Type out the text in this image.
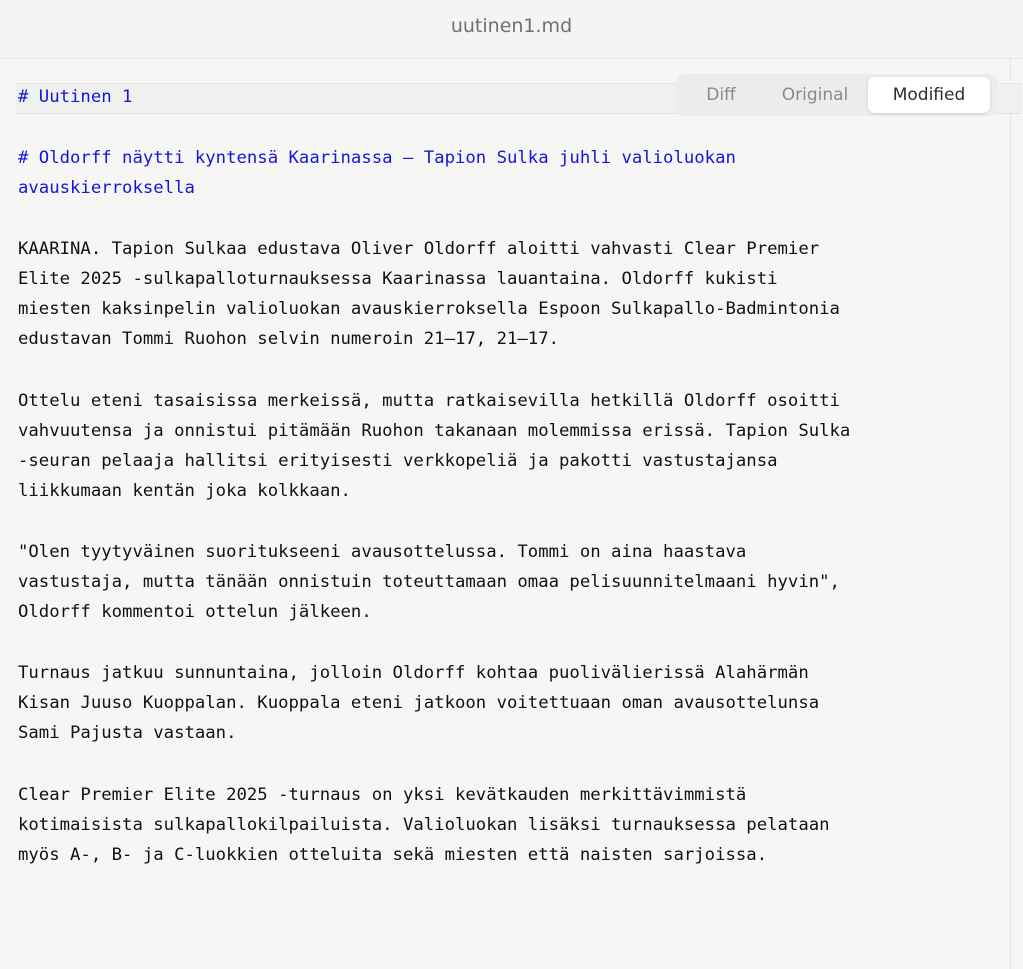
uutinen1.md
# Uutinen 1	Diff	Original	Modified
# Oldorff näytti kyntensä Kaarinassa – Tapion Sulka juhli valioluokan
avauskierroksella
KAARINA. Tapion Sulkaa edustava Oliver Oldorff aloitti vahvasti Clear Premier
Elite 2025 -sulkapalloturnauksessa Kaarinassa lauantaina. Oldorff kukisti
miesten kaksinpelin valioluokan avauskierroksella Espoon Sulkapallo-Badmintonia
edustavan Tommi Ruohon selvin numeroin 21–17, 21–17.
Ottelu eteni tasaisissa merkeissä, mutta ratkaisevilla hetkillä Oldorff osoitti
vahvuutensa ja onnistui pitämään Ruohon takanaan molemmissa erissä. Tapion Sulka
-seuran pelaaja hallitsi erityisesti verkkopeliä ja pakotti vastustajansa
liikkumaan kentän joka kolkkaan.
"Olen tyytyväinen suoritukseeni avausottelussa. Tommi on aina haastava
vastustaja, mutta tänään onnistuin toteuttamaan omaa pelisuunnitelmaani hyvin",
Oldorff kommentoi ottelun jälkeen.
Turnaus jatkuu sunnuntaina, jolloin Oldorff kohtaa puolivälierissä Alahärmän
Kisan Juuso Kuoppalan. Kuoppala eteni jatkoon voitettuaan oman avausottelunsa
Sami Pajusta vastaan.
Clear Premier Elite 2025 -turnaus on yksi kevätkauden merkittävimmistä
kotimaisista sulkapallokilpailuista. Valioluokan lisäksi turnauksessa pelataan
myös A-, B- ja C-luokkien otteluita sekä miesten että naisten sarjoissa.
